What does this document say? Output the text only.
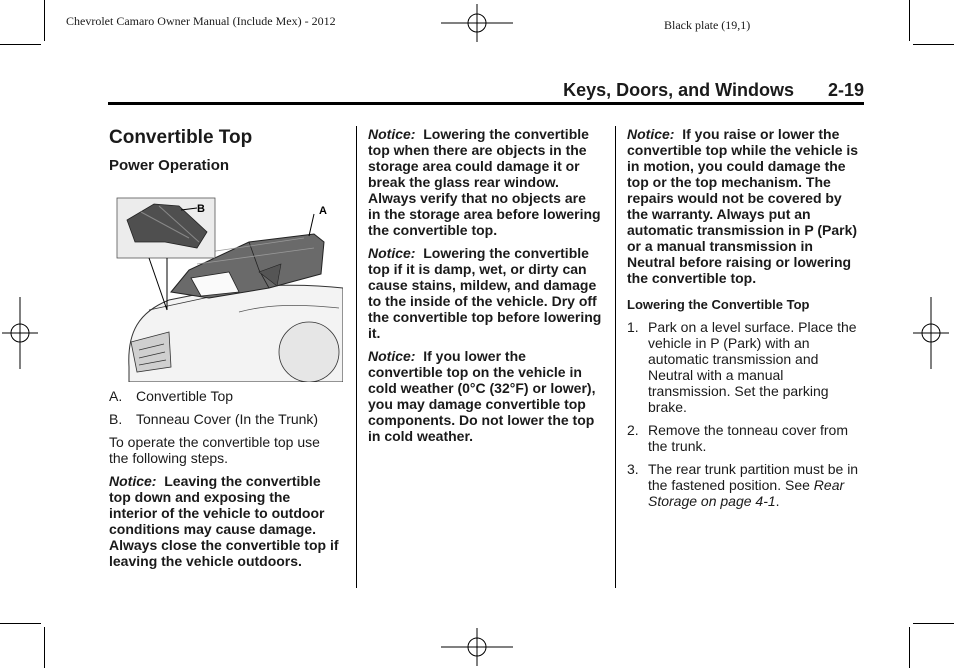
Chevrolet Camaro Owner Manual (Include Mex) - 2012	Black plate (19,1)
Keys, Doors, and Windows 2-19
Convertible Top
Power Operation
A
B
A. Convertible Top
B. Tonneau Cover (In the Trunk)
To operate the convertible top use the following steps.
Notice: Leaving the convertible top down and exposing the interior of the vehicle to outdoor conditions may cause damage. Always close the convertible top if leaving the vehicle outdoors.
Notice: Lowering the convertible top when there are objects in the storage area could damage it or break the glass rear window. Always verify that no objects are in the storage area before lowering the convertible top.
Notice: Lowering the convertible top if it is damp, wet, or dirty can cause stains, mildew, and damage to the inside of the vehicle. Dry off the convertible top before lowering it.
Notice: If you lower the convertible top on the vehicle in cold weather (0°C (32°F) or lower), you may damage convertible top components. Do not lower the top in cold weather.
Notice: If you raise or lower the convertible top while the vehicle is in motion, you could damage the top or the top mechanism. The repairs would not be covered by the warranty. Always put an automatic transmission in P (Park) or a manual transmission in Neutral before raising or lowering the convertible top.
Lowering the Convertible Top
1. Park on a level surface. Place the vehicle in P (Park) with an automatic transmission and Neutral with a manual transmission. Set the parking brake.
2. Remove the tonneau cover from the trunk.
3. The rear trunk partition must be in the fastened position. See Rear Storage on page 4-1.
